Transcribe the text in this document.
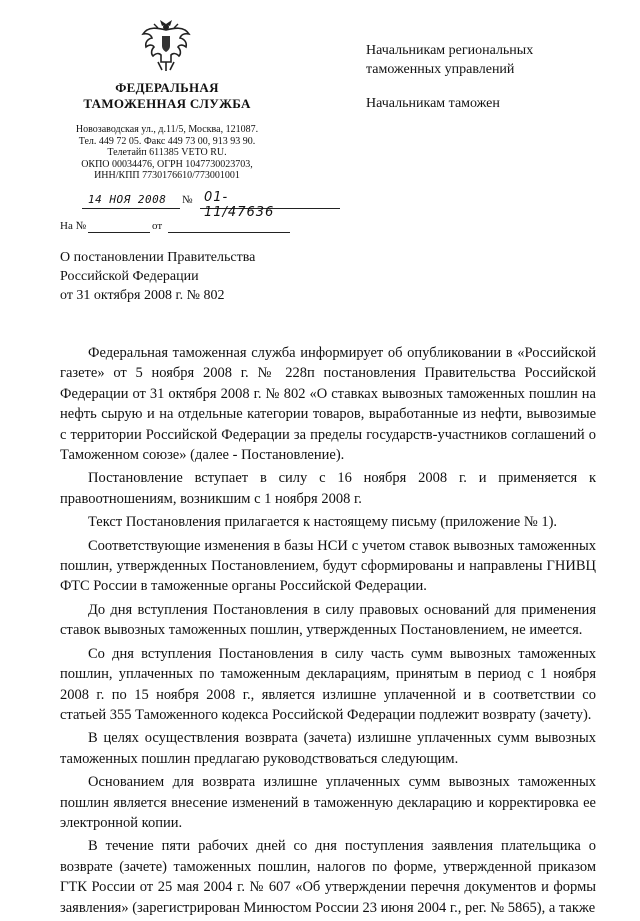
ФЕДЕРАЛЬНАЯ
ТАМОЖЕННАЯ СЛУЖБА
Новозаводская ул., д.11/5, Москва, 121087.
Тел. 449 72 05. Факс 449 73 00, 913 93 90.
Телетайп 611385 VETO RU.
ОКПО 00034476, ОГРН 1047730023703,
ИНН/КПП 7730176610/773001001
14 НОЯ 2008 № 01-11/47636
На №	от
Начальникам региональных
таможенных управлений
Начальникам таможен
О постановлении Правительства
Российской Федерации
от 31 октября 2008 г. № 802

Федеральная таможенная служба информирует об опубликовании в «Российской газете» от 5 ноября 2008 г. № 228п постановления Правительства Российской Федерации от 31 октября 2008 г. № 802 «О ставках вывозных таможенных пошлин на нефть сырую и на отдельные категории товаров, выработанные из нефти, вывозимые с территории Российской Федерации за пределы государств-участников соглашений о Таможенном союзе» (далее - Постановление).

Постановление вступает в силу с 16 ноября 2008 г. и применяется к правоотношениям, возникшим с 1 ноября 2008 г.

Текст Постановления прилагается к настоящему письму (приложение № 1).

Соответствующие изменения в базы НСИ с учетом ставок вывозных таможенных пошлин, утвержденных Постановлением, будут сформированы и направлены ГНИВЦ ФТС России в таможенные органы Российской Федерации.

До дня вступления Постановления в силу правовых оснований для применения ставок вывозных таможенных пошлин, утвержденных Постановлением, не имеется.

Со дня вступления Постановления в силу часть сумм вывозных таможенных пошлин, уплаченных по таможенным декларациям, принятым в период с 1 ноября 2008 г. по 15 ноября 2008 г., является излишне уплаченной и в соответствии со статьей 355 Таможенного кодекса Российской Федерации подлежит возврату (зачету).

В целях осуществления возврата (зачета) излишне уплаченных сумм вывозных таможенных пошлин предлагаю руководствоваться следующим.

Основанием для возврата излишне уплаченных сумм вывозных таможенных пошлин является внесение изменений в таможенную декларацию и корректировка ее электронной копии.

В течение пяти рабочих дней со дня поступления заявления плательщика о возврате (зачете) таможенных пошлин, налогов по форме, утвержденной приказом ГТК России от 25 мая 2004 г. № 607 «Об утверждении перечня документов и формы заявления» (зарегистрирован Минюстом России 23 июня 2004 г., рег. № 5865), а также
